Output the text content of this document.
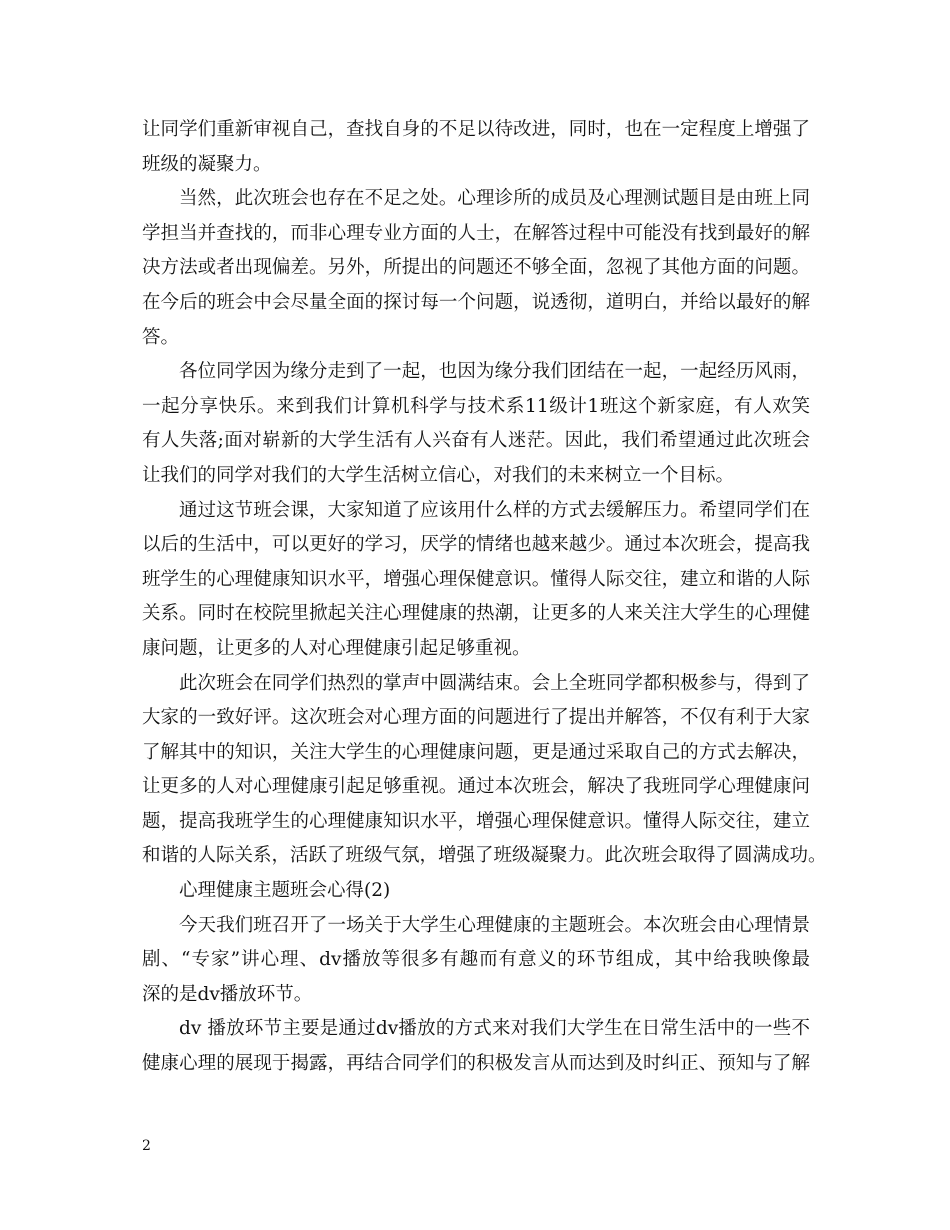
让同学们重新审视自己，查找自身的不足以待改进，同时，也在一定程度上增强了
班级的凝聚力。
当然，此次班会也存在不足之处。心理诊所的成员及心理测试题目是由班上同
学担当并查找的，而非心理专业方面的人士，在解答过程中可能没有找到最好的解
决方法或者出现偏差。另外，所提出的问题还不够全面，忽视了其他方面的问题。
在今后的班会中会尽量全面的探讨每一个问题，说透彻，道明白，并给以最好的解
答。
各位同学因为缘分走到了一起，也因为缘分我们团结在一起，一起经历风雨，
一起分享快乐。来到我们计算机科学与技术系11级计1班这个新家庭，有人欢笑
有人失落;面对崭新的大学生活有人兴奋有人迷茫。因此，我们希望通过此次班会
让我们的同学对我们的大学生活树立信心，对我们的未来树立一个目标。
通过这节班会课，大家知道了应该用什么样的方式去缓解压力。希望同学们在
以后的生活中，可以更好的学习，厌学的情绪也越来越少。通过本次班会，提高我
班学生的心理健康知识水平，增强心理保健意识。懂得人际交往，建立和谐的人际
关系。同时在校院里掀起关注心理健康的热潮，让更多的人来关注大学生的心理健
康问题，让更多的人对心理健康引起足够重视。
此次班会在同学们热烈的掌声中圆满结束。会上全班同学都积极参与，得到了
大家的一致好评。这次班会对心理方面的问题进行了提出并解答，不仅有利于大家
了解其中的知识，关注大学生的心理健康问题，更是通过采取自己的方式去解决，
让更多的人对心理健康引起足够重视。通过本次班会，解决了我班同学心理健康问
题，提高我班学生的心理健康知识水平，增强心理保健意识。懂得人际交往，建立
和谐的人际关系，活跃了班级气氛，增强了班级凝聚力。此次班会取得了圆满成功。
心理健康主题班会心得(2)
今天我们班召开了一场关于大学生心理健康的主题班会。本次班会由心理情景
剧、“专家”讲心理、dv播放等很多有趣而有意义的环节组成，其中给我映像最
深的是dv播放环节。
dv 播放环节主要是通过dv播放的方式来对我们大学生在日常生活中的一些不
健康心理的展现于揭露，再结合同学们的积极发言从而达到及时纠正、预知与了解
2
